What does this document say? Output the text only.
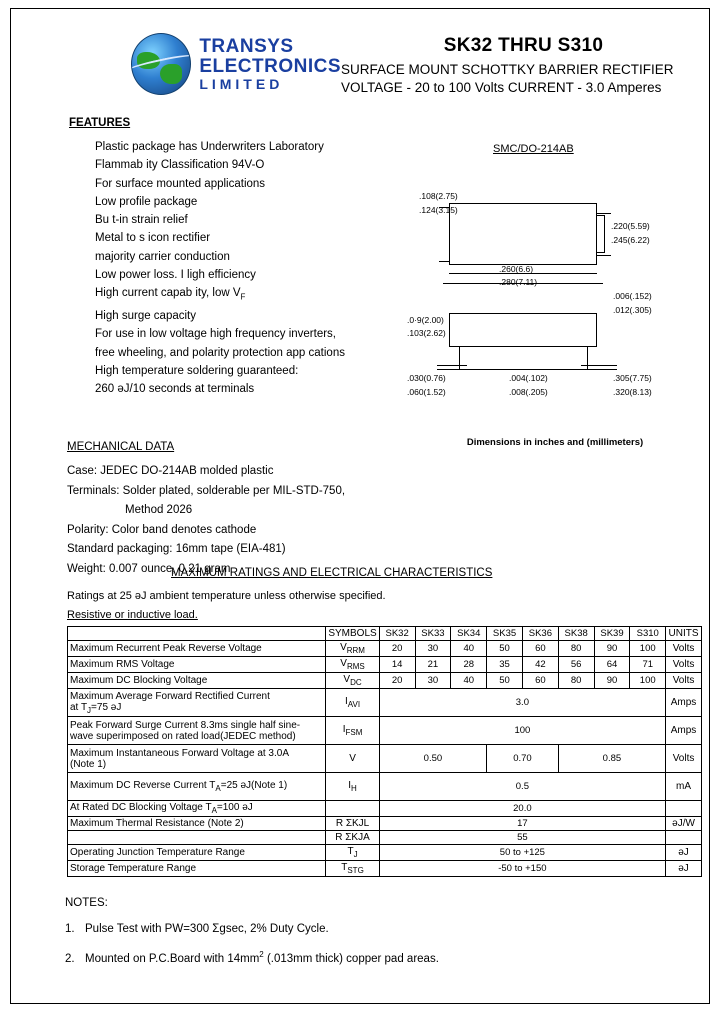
TRANSYS
ELECTRONICS
LIMITED
SK32 THRU S310
SURFACE MOUNT SCHOTTKY BARRIER RECTIFIER
VOLTAGE - 20 to 100 Volts CURRENT - 3.0 Amperes
FEATURES
Plastic package has Underwriters Laboratory
Flammab ity Classification 94V-O
For surface mounted applications
Low profile package
Bu t-in strain relief
Metal to s icon rectifier
majority carrier conduction
Low power loss. I ligh efficiency
High current capab ity, low $V_F$
High surge capacity
For use in low voltage high frequency inverters,
free wheeling, and polarity protection app cations
High temperature soldering guaranteed:
260 ǝJ/10 seconds at terminals
MECHANICAL DATA
Case: JEDEC DO-214AB molded plastic
Terminals: Solder plated, solderable per MIL-STD-750,
Method 2026
Polarity: Color band denotes cathode
Standard packaging: 16mm tape (EIA-481)
Weight: 0.007 ounce, 0.21 gram
SMC/DO-214AB
.108(2.75)
.124(3.15)
.220(5.59)
.245(6.22)
.260(6.6)
.280(7.11)
.006(.152)
.012(.305)
.0·9(2.00)
.103(2.62)
.030(0.76)
.060(1.52)
.004(.102)
.008(.205)
.305(7.75)
.320(8.13)
Dimensions in inches and (millimeters)
MAXIMUM RATINGS AND ELECTRICAL CHARACTERISTICS
Ratings at 25 ǝJ ambient temperature unless otherwise specified.
Resistive or inductive load.
	SYMBOLS	SK32	SK33	SK34	SK35	SK36	SK38	SK39	S310	UNITS
Maximum Recurrent Peak Reverse Voltage	$V_{RRM}$	20	30	40	50	60	80	90	100	Volts
Maximum RMS Voltage	$V_{RMS}$	14	21	28	35	42	56	64	71	Volts
Maximum DC Blocking Voltage	$V_{DC}$	20	30	40	50	60	80	90	100	Volts
Maximum Average Forward Rectified Current
at $T_J=75$ ǝJ	$I_{AVI}$	3.0								Amps
Peak Forward Surge Current 8.3ms single half sine-
wave superimposed on rated load(JEDEC method)	$I_{FSM}$	100								Amps
Maximum Instantaneous Forward Voltage at 3.0A
(Note 1)	V	0.50			0.70		0.85			Volts
Maximum DC Reverse Current $T_A=25$ ǝJ(Note 1)	$I_H$	0.5								mA
At Rated DC Blocking Voltage $T_A=100$ ǝJ		20.0								
Maximum Thermal Resistance (Note 2)	R ΣKJL	17								ǝJ/W
	R ΣKJA	55								
Operating Junction Temperature Range	$T_J$	50 to +125								ǝJ
Storage Temperature Range	$T_{STG}$	-50 to +150								ǝJ
NOTES:
1. Pulse Test with PW=300 Σgsec, 2% Duty Cycle.
2. Mounted on P.C.Board with $14mm^2$ (.013mm thick) copper pad areas.
